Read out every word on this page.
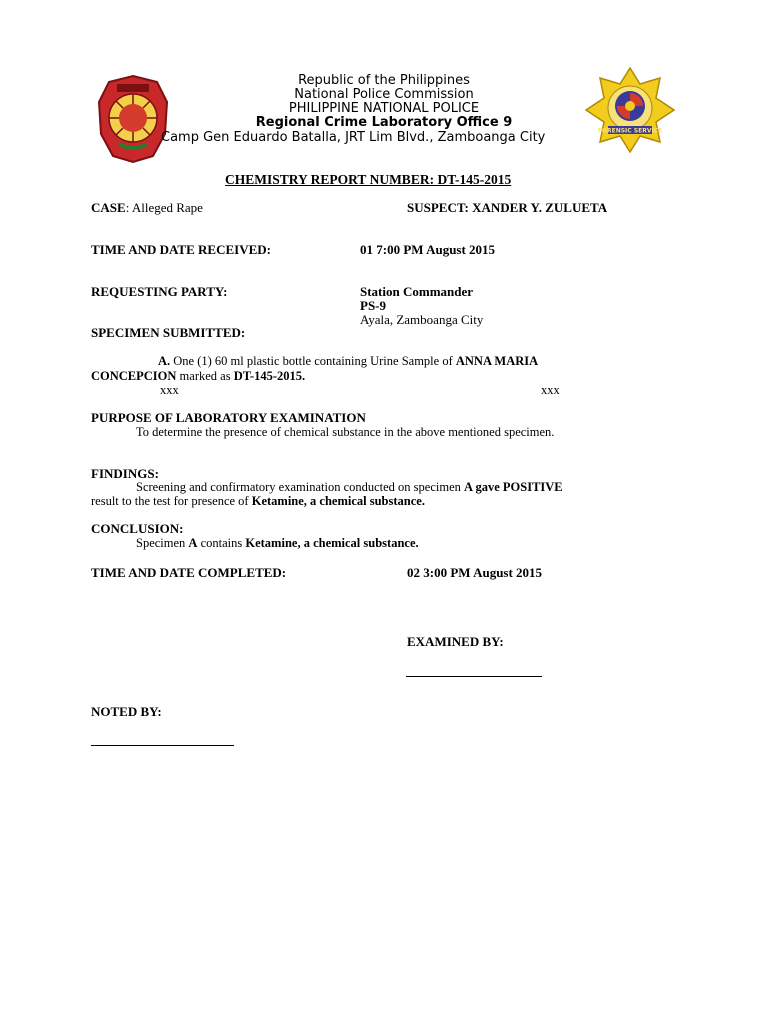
FORENSIC SERVICE
Republic of the Philippines
National Police Commission
PHILIPPINE NATIONAL POLICE
Regional Crime Laboratory Office 9
Camp Gen Eduardo Batalla, JRT Lim Blvd., Zamboanga City
CHEMISTRY REPORT NUMBER: DT-145-2015
CASE: Alleged Rape	SUSPECT: XANDER Y. ZULUETA
TIME AND DATE RECEIVED:	01 7:00 PM August 2015
REQUESTING PARTY:	Station Commander
PS-9
Ayala, Zamboanga City
SPECIMEN SUBMITTED:
A. One (1) 60 ml plastic bottle containing Urine Sample of ANNA MARIA
CONCEPCION marked as DT-145-2015.
xxx	xxx
PURPOSE OF LABORATORY EXAMINATION
To determine the presence of chemical substance in the above mentioned specimen.
FINDINGS:
Screening and confirmatory examination conducted on specimen A gave POSITIVE
result to the test for presence of Ketamine, a chemical substance.
CONCLUSION:
Specimen A contains Ketamine, a chemical substance.
TIME AND DATE COMPLETED:	02 3:00 PM August 2015
EXAMINED BY:
NOTED BY:
